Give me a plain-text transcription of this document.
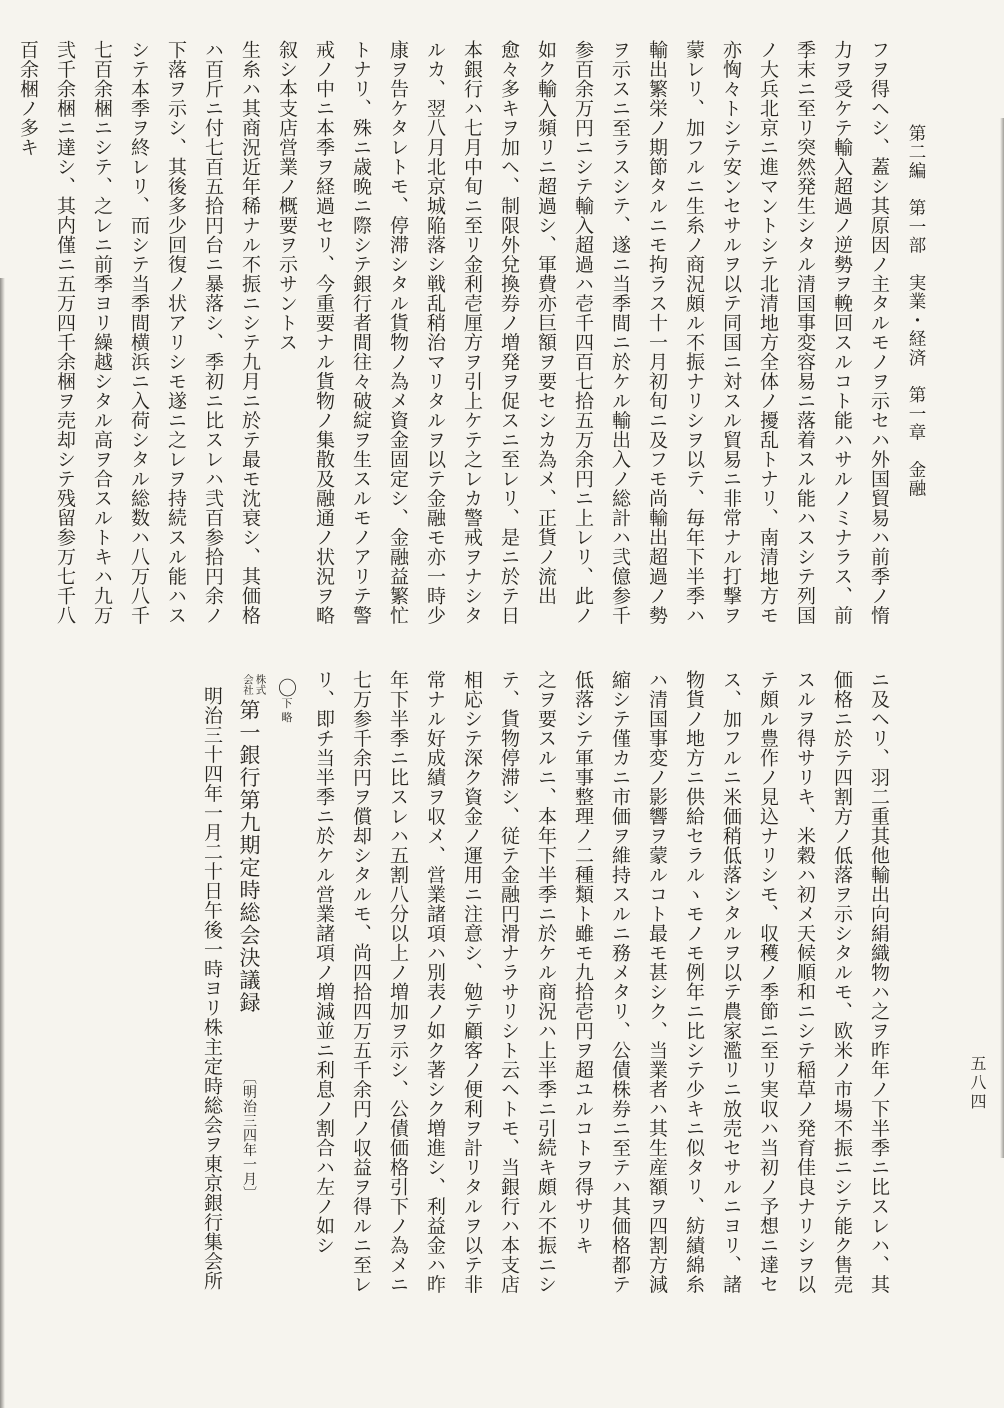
第二編　第一部　実業・経済　第一章　金融

フヲ得ヘシ、蓋シ其原因ノ主タルモノヲ示セハ外国貿易ハ前季ノ惰力ヲ受ケテ輸入超過ノ逆勢ヲ輓回スルコト能ハサルノミナラス、前季末ニ至リ突然発生シタル清国事変容易ニ落着スル能ハスシテ列国ノ大兵北京ニ進マントシテ北清地方全体ノ擾乱トナリ、南清地方モ亦恟々トシテ安ンセサルヲ以テ同国ニ対スル貿易ニ非常ナル打撃ヲ蒙レリ、加フルニ生糸ノ商況頗ル不振ナリシヲ以テ、毎年下半季ハ輸出繁栄ノ期節タルニモ拘ラス十一月初旬ニ及フモ尚輸出超過ノ勢ヲ示スニ至ラスシテ、遂ニ当季間ニ於ケル輸出入ノ総計ハ弐億参千参百余万円ニシテ輸入超過ハ壱千四百七拾五万余円ニ上レリ、此ノ如ク輸入頻リニ超過シ、軍費亦巨額ヲ要セシカ為メ、正貨ノ流出愈々多キヲ加ヘ、制限外兌換券ノ増発ヲ促スニ至レリ、是ニ於テ日本銀行ハ七月中旬ニ至リ金利壱厘方ヲ引上ケテ之レカ警戒ヲナシタルカ、翌八月北京城陥落シ戦乱稍治マリタルヲ以テ金融モ亦一時少康ヲ告ケタレトモ、停滞シタル貨物ノ為メ資金固定シ、金融益繁忙トナリ、殊ニ歳晩ニ際シテ銀行者間往々破綻ヲ生スルモノアリテ警戒ノ中ニ本季ヲ経過セリ、今重要ナル貨物ノ集散及融通ノ状況ヲ略叙シ本支店営業ノ概要ヲ示サントス

生糸ハ其商況近年稀ナル不振ニシテ九月ニ於テ最モ沈衰シ、其価格ハ百斤ニ付七百五拾円台ニ暴落シ、季初ニ比スレハ弐百参拾円余ノ下落ヲ示シ、其後多少回復ノ状アリシモ遂ニ之レヲ持続スル能ハスシテ本季ヲ終レリ、而シテ当季間横浜ニ入荷シタル総数ハ八万八千七百余梱ニシテ、之レニ前季ヨリ繰越シタル高ヲ合スルトキハ九万弐千余梱ニ達シ、其内僅ニ五万四千余梱ヲ売却シテ残留参万七千八百余梱ノ多キ

ニ及ヘリ、羽二重其他輸出向絹織物ハ之ヲ昨年ノ下半季ニ比スレハ、其価格ニ於テ四割方ノ低落ヲ示シタルモ、欧米ノ市場不振ニシテ能ク售売スルヲ得サリキ、米穀ハ初メ天候順和ニシテ稲草ノ発育佳良ナリシヲ以テ頗ル豊作ノ見込ナリシモ、収穫ノ季節ニ至リ実収ハ当初ノ予想ニ達セス、加フルニ米価稍低落シタルヲ以テ農家濫リニ放売セサルニヨリ、諸物貨ノ地方ニ供給セラルヽモノモ例年ニ比シテ少キニ似タリ、紡績綿糸ハ清国事変ノ影響ヲ蒙ルコト最モ甚シク、当業者ハ其生産額ヲ四割方減縮シテ僅カニ市価ヲ維持スルニ務メタリ、公債株券ニ至テハ其価格都テ低落シテ軍事整理ノ二種類ト雖モ九拾壱円ヲ超ユルコトヲ得サリキ

之ヲ要スルニ、本年下半季ニ於ケル商況ハ上半季ニ引続キ頗ル不振ニシテ、貨物停滞シ、従テ金融円滑ナラサリシト云ヘトモ、当銀行ハ本支店相応シテ深ク資金ノ運用ニ注意シ、勉テ顧客ノ便利ヲ計リタルヲ以テ非常ナル好成績ヲ収メ、営業諸項ハ別表ノ如ク著シク増進シ、利益金ハ昨年下半季ニ比スレハ五割八分以上ノ増加ヲ示シ、公債価格引下ノ為メニ七万参千余円ヲ償却シタルモ、尚四拾四万五千余円ノ収益ヲ得ルニ至レリ、即チ当半季ニ於ケル営業諸項ノ増減並ニ利息ノ割合ハ左ノ如シ

〇下略

株式
会社
第一銀行第九期定時総会決議録〔明治三四年一月〕

明治三十四年一月二十日午後一時ヨリ株主定時総会ヲ東京銀行集会所	五八四
